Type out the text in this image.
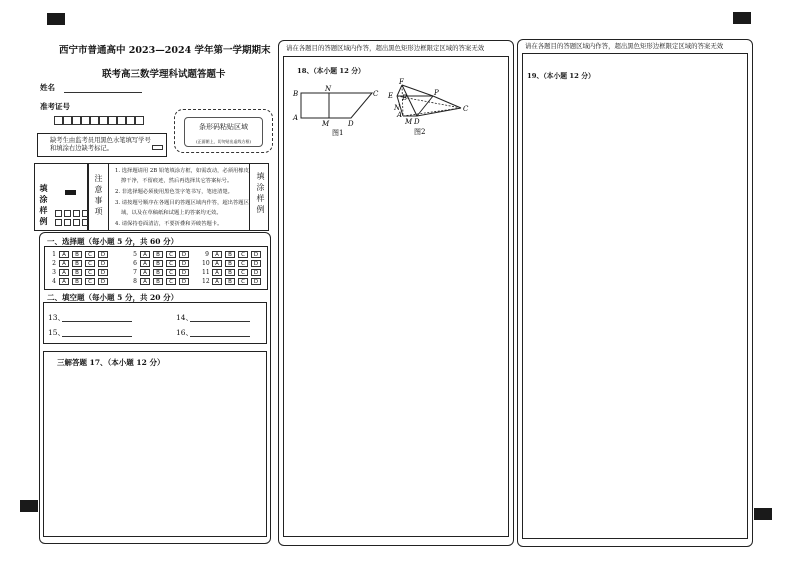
西宁市普通高中 2023—2024 学年第一学期期末
联考高三数学理科试题答题卡
姓名
准考证号
条形码粘贴区域
(正面朝上，切勿贴出虚线方框)
缺考生由监考员用黑色水笔填写学号
和填涂右边缺考标记。
填涂样例	注意事项
1. 选择题请用 2B 铅笔填涂方框，如需改动，必须用橡皮
擦干净，不留痕迹，然后再选择其它答案标号。
2. 非选择题必须使用黑色签字笔书写，笔迹清楚。
3. 请按题号顺序在各题目的答题区域内作答，超出答题区
域，以及在草稿纸和试题上的答案均无效。
4. 请保持卷面清洁，不要折叠和弄破答题卡。
填涂样例
一、选择题（每小题 5 分，共 60 分）
1	A	B	C	D
2	A	B	C	D
3	A	B	C	D
4	A	B	C	D
5	A	B	C	D
6	A	B	C	D
7	A	B	C	D
8	A	B	C	D
9	A	B	C	D
10 A	B	C	D
11 A	B	C	D
12 A	B	C	D
二、填空题（每小题 5 分，共 20 分）
13、	14、
15、	16、
三解答题 17、（本小题 12 分）
请在各题目的答题区域内作答，超出黑色矩形边框限定区域的答案无效
18、（本小题 12 分）
B
N
C
A
M	D
图1
F
E
N
P
C
A
M D
B
图2
请在各题目的答题区域内作答，超出黑色矩形边框限定区域的答案无效
19、（本小题 12 分）
